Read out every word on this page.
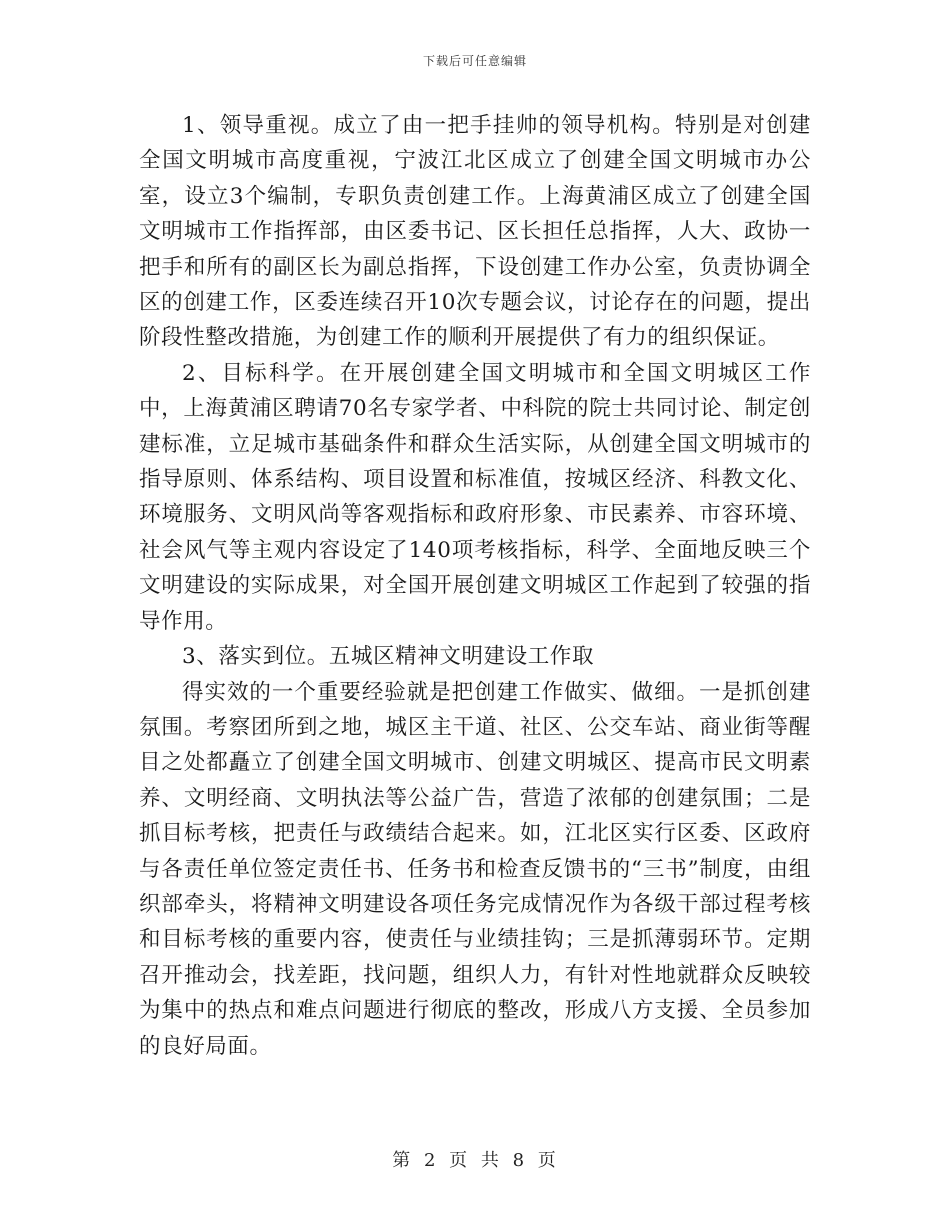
下载后可任意编辑

1、领导重视。成立了由一把手挂帅的领导机构。特别是对创建全国文明城市高度重视，宁波江北区成立了创建全国文明城市办公室，设立3个编制，专职负责创建工作。上海黄浦区成立了创建全国文明城市工作指挥部，由区委书记、区长担任总指挥，人大、政协一把手和所有的副区长为副总指挥，下设创建工作办公室，负责协调全区的创建工作，区委连续召开10次专题会议，讨论存在的问题，提出阶段性整改措施，为创建工作的顺利开展提供了有力的组织保证。

2、目标科学。在开展创建全国文明城市和全国文明城区工作中，上海黄浦区聘请70名专家学者、中科院的院士共同讨论、制定创建标准，立足城市基础条件和群众生活实际，从创建全国文明城市的指导原则、体系结构、项目设置和标准值，按城区经济、科教文化、环境服务、文明风尚等客观指标和政府形象、市民素养、市容环境、社会风气等主观内容设定了140项考核指标，科学、全面地反映三个文明建设的实际成果，对全国开展创建文明城区工作起到了较强的指导作用。

3、落实到位。五城区精神文明建设工作取

得实效的一个重要经验就是把创建工作做实、做细。一是抓创建氛围。考察团所到之地，城区主干道、社区、公交车站、商业街等醒目之处都矗立了创建全国文明城市、创建文明城区、提高市民文明素养、文明经商、文明执法等公益广告，营造了浓郁的创建氛围；二是抓目标考核，把责任与政绩结合起来。如，江北区实行区委、区政府与各责任单位签定责任书、任务书和检查反馈书的“三书”制度，由组织部牵头，将精神文明建设各项任务完成情况作为各级干部过程考核和目标考核的重要内容，使责任与业绩挂钩；三是抓薄弱环节。定期召开推动会，找差距，找问题，组织人力，有针对性地就群众反映较为集中的热点和难点问题进行彻底的整改，形成八方支援、全员参加的良好局面。

第 2 页 共 8 页
